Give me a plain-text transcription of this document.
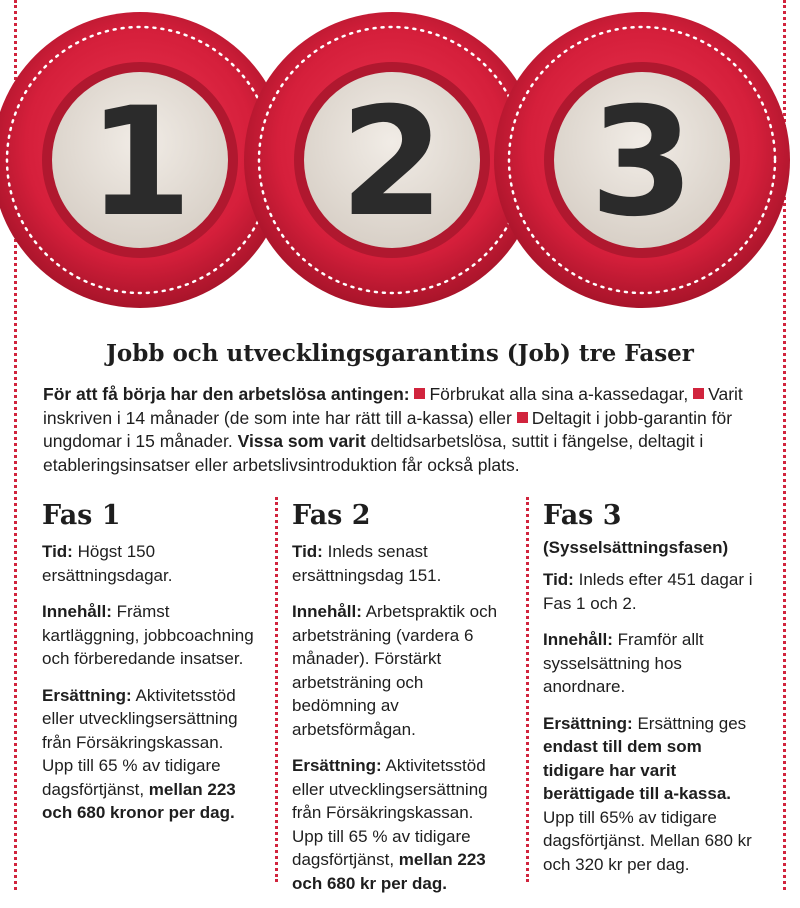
1 2 3
Jobb och utvecklingsgarantins (Job) tre Faser

För att få börja har den arbetslösa antingen: Förbrukat alla sina a-kassedagar, Varit inskriven i 14 månader (de som inte har rätt till a-kassa) eller Deltagit i jobb-garantin för ungdomar i 15 månader. Vissa som varit deltidsarbetslösa, suttit i fängelse, deltagit i etableringsinsatser eller arbetslivsintroduktion får också plats.

Fas 1

Tid: Högst 150 ersättningsdagar.

Innehåll: Främst kartläggning, jobbcoachning och förberedande insatser.

Ersättning: Aktivitetsstöd eller utvecklingsersättning från Försäkringskassan. Upp till 65 % av tidigare dagsförtjänst, mellan 223 och 680 kronor per dag.

Fas 2

Tid: Inleds senast ersättningsdag 151.

Innehåll: Arbetspraktik och arbetsträning (vardera 6 månader). Förstärkt arbetsträning och bedömning av arbetsförmågan.

Ersättning: Aktivitetsstöd eller utvecklingsersättning från Försäkringskassan. Upp till 65 % av tidigare dagsförtjänst, mellan 223 och 680 kr per dag.

Fas 3
(Sysselsättningsfasen)

Tid: Inleds efter 451 dagar i Fas 1 och 2.

Innehåll: Framför allt sysselsättning hos anordnare.

Ersättning: Ersättning ges endast till dem som tidigare har varit berättigade till a-kassa. Upp till 65% av tidigare dagsförtjänst. Mellan 680 kr och 320 kr per dag.
